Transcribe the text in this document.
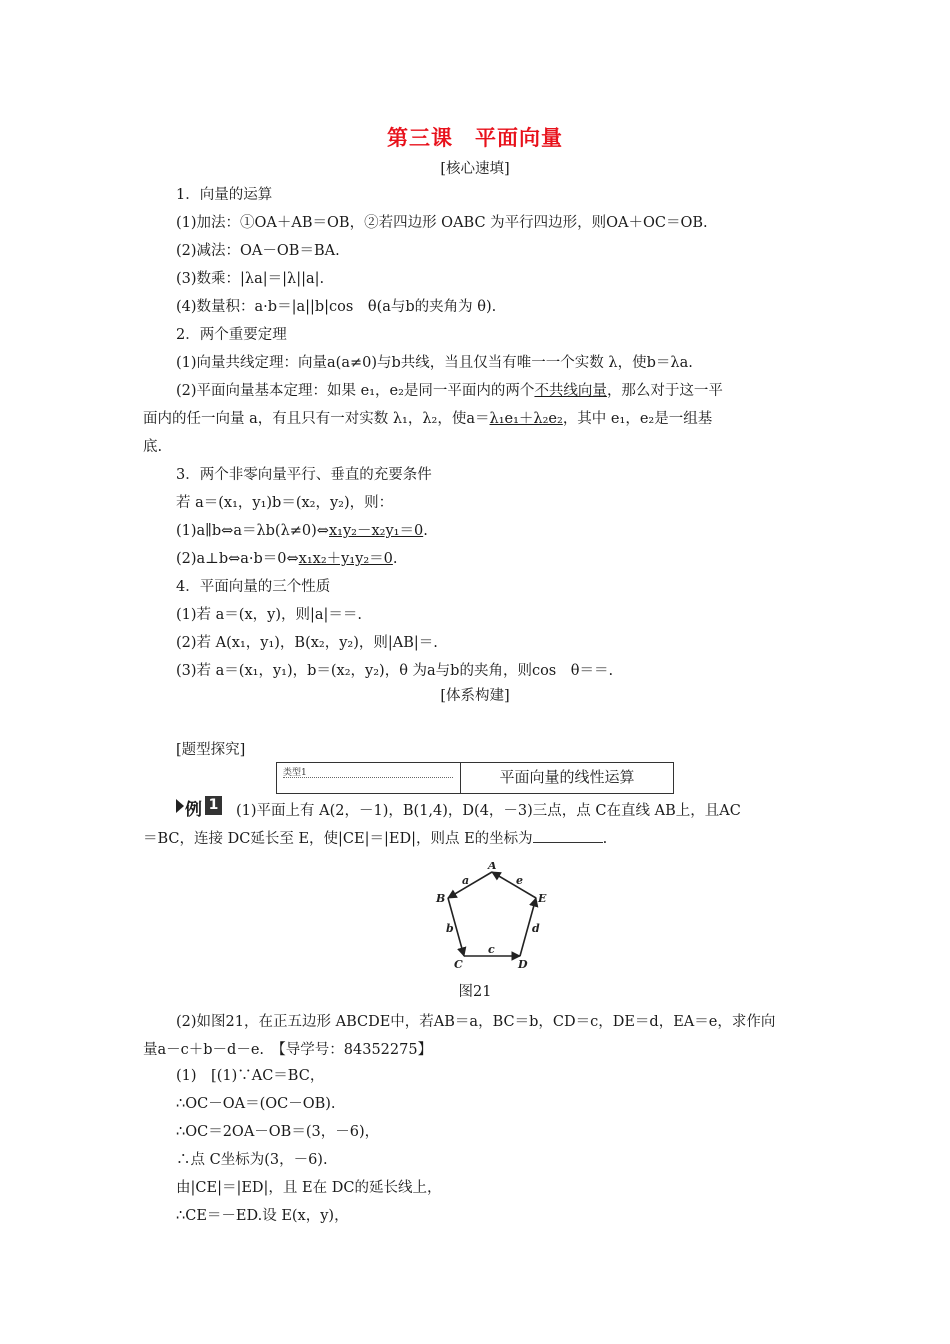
第三课　平面向量
[核心速填]
1．向量的运算
(1)加法：①OA＋AB＝OB，②若四边形 OABC 为平行四边形，则OA＋OC＝OB.
(2)减法：OA－OB＝BA.
(3)数乘：|λa|＝|λ||a|.
(4)数量积：a·b＝|a||b|cos　θ(a与b的夹角为 θ).
2．两个重要定理
(1)向量共线定理：向量a(a≠0)与b共线，当且仅当有唯一一个实数 λ，使b＝λa.
(2)平面向量基本定理：如果 e₁，e₂是同一平面内的两个不共线向量，那么对于这一平
面内的任一向量 a，有且只有一对实数 λ₁，λ₂，使a＝λ₁e₁＋λ₂e₂，其中 e₁，e₂是一组基
底.
3．两个非零向量平行、垂直的充要条件
若 a＝(x₁，y₁)b＝(x₂，y₂)，则：
(1)a∥b⇔a＝λb(λ≠0)⇔x₁y₂－x₂y₁＝0.
(2)a⊥b⇔a·b＝0⇔x₁x₂＋y₁y₂＝0.
4．平面向量的三个性质
(1)若 a＝(x，y)，则|a|＝＝.
(2)若 A(x₁，y₁)，B(x₂，y₂)，则|AB|＝.
(3)若 a＝(x₁，y₁)，b＝(x₂，y₂)，θ 为a与b的夹角，则cos　θ＝＝.
[体系构建]
[题型探究]
类型1	平面向量的线性运算
例 1 (1)平面上有 A(2，－1)，B(1,4)，D(4，－3)三点，点 C在直线 AB上，且AC
＝BC，连接 DC延长至 E，使|CE|＝|ED|，则点 E的坐标为	.
A
B
C	D
E
a
b
c
d
e
图21
(2)如图21，在正五边形 ABCDE中，若AB＝a，BC＝b，CD＝c，DE＝d，EA＝e，求作向
量a－c＋b－d－e.　【导学号：84352275】
(1)　[(1)∵AC＝BC，
∴OC－OA＝(OC－OB).
∴OC＝2OA－OB＝(3，－6)，
∴点 C坐标为(3，－6).
由|CE|＝|ED|，且 E在 DC的延长线上，
∴CE＝－ED.设 E(x，y)，
